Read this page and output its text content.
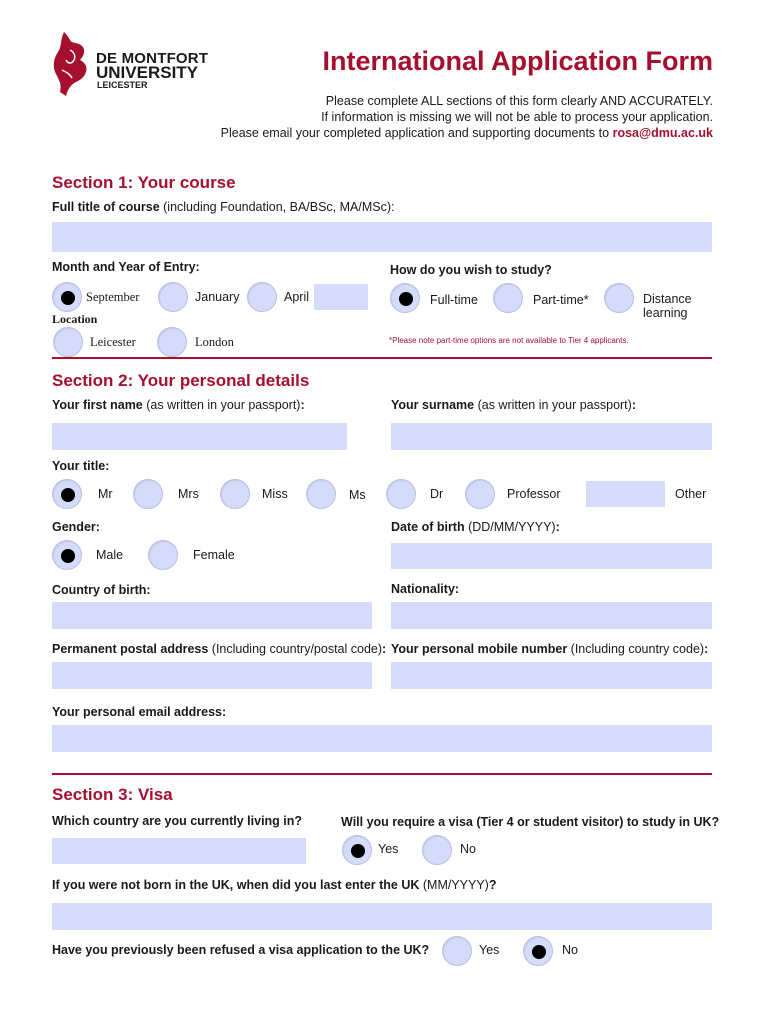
DE MONTFORT
UNIVERSITY
LEICESTER
International Application Form
Please complete ALL sections of this form clearly AND ACCURATELY.
If information is missing we will not be able to process your application.
Please email your completed application and supporting documents to rosa@dmu.ac.uk
Section 1: Your course
Full title of course (including Foundation, BA/BSc, MA/MSc):
Month and Year of Entry:
September	January	April
Location
Leicester	London
How do you wish to study?
Full-time	Part-time*	Distance
learning
*Please note part-time options are not available to Tier 4 applicants.
Section 2: Your personal details
Your first name (as written in your passport):	Your surname (as written in your passport):
Your title:
Mr	Mrs	Miss	Ms	Dr	Professor	Other
Gender:
Male	Female
Date of birth (DD/MM/YYYY):
Country of birth:	Nationality:
Permanent postal address (Including country/postal code): Your personal mobile number (Including country code):
Your personal email address:
Section 3: Visa
Which country are you currently living in?	Will you require a visa (Tier 4 or student visitor) to study in UK?
Yes	No
If you were not born in the UK, when did you last enter the UK (MM/YYYY)?
Have you previously been refused a visa application to the UK?	Yes	No
